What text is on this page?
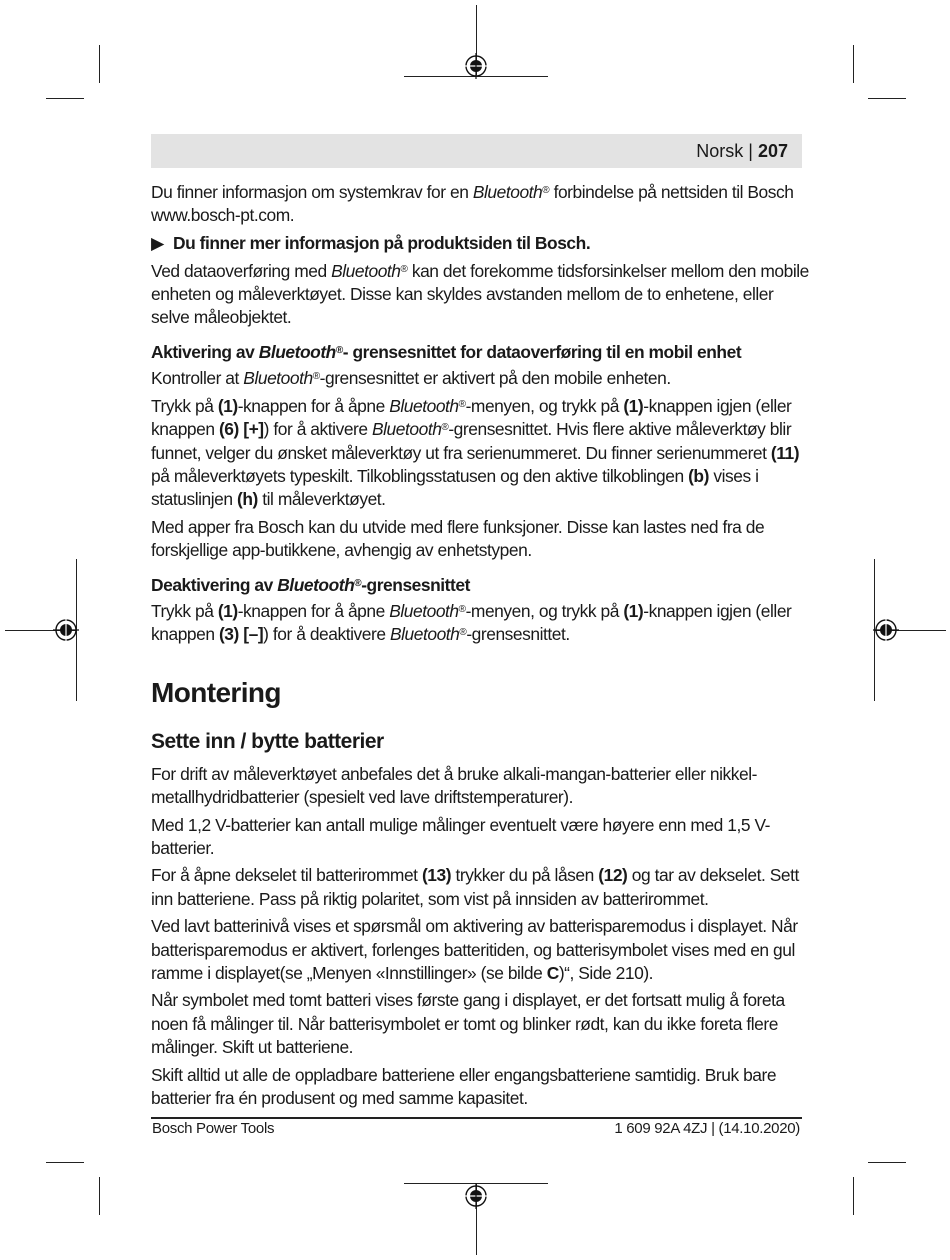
Norsk | 207

Du finner informasjon om systemkrav for en Bluetooth® forbindelse på nettsiden til Bosch www.bosch-pt.com.

▶ Du finner mer informasjon på produktsiden til Bosch.

Ved dataoverføring med Bluetooth® kan det forekomme tidsforsinkelser mellom den mobile enheten og måleverktøyet. Disse kan skyldes avstanden mellom de to enhetene, eller selve måleobjektet.

Aktivering av Bluetooth®- grensesnittet for dataoverføring til en mobil enhet

Kontroller at Bluetooth®-grensesnittet er aktivert på den mobile enheten.

Trykk på (1)-knappen for å åpne Bluetooth®-menyen, og trykk på (1)-knappen igjen (eller knappen (6) [+]) for å aktivere Bluetooth®-grensesnittet. Hvis flere aktive måleverktøy blir funnet, velger du ønsket måleverktøy ut fra serienummeret. Du finner serienummeret (11) på måleverktøyets typeskilt. Tilkoblingsstatusen og den aktive tilkoblingen (b) vises i statuslinjen (h) til måleverktøyet.

Med apper fra Bosch kan du utvide med flere funksjoner. Disse kan lastes ned fra de forskjellige app-butikkene, avhengig av enhetstypen.

Deaktivering av Bluetooth®-grensesnittet

Trykk på (1)-knappen for å åpne Bluetooth®-menyen, og trykk på (1)-knappen igjen (eller knappen (3) [–]) for å deaktivere Bluetooth®-grensesnittet.

Montering
Sette inn / bytte batterier

For drift av måleverktøyet anbefales det å bruke alkali-mangan-batterier eller nikkel-metallhydridbatterier (spesielt ved lave driftstemperaturer).

Med 1,2 V-batterier kan antall mulige målinger eventuelt være høyere enn med 1,5 V-batterier.

For å åpne dekselet til batterirommet (13) trykker du på låsen (12) og tar av dekselet. Sett inn batteriene. Pass på riktig polaritet, som vist på innsiden av batterirommet.

Ved lavt batterinivå vises et spørsmål om aktivering av batterisparemodus i displayet. Når batterisparemodus er aktivert, forlenges batteritiden, og batterisymbolet vises med en gul ramme i displayet(se „Menyen «Innstillinger» (se bilde C)“, Side 210).

Når symbolet med tomt batteri vises første gang i displayet, er det fortsatt mulig å foreta noen få målinger til. Når batterisymbolet er tomt og blinker rødt, kan du ikke foreta flere målinger. Skift ut batteriene.

Skift alltid ut alle de oppladbare batteriene eller engangsbatteriene samtidig. Bruk bare batterier fra én produsent og med samme kapasitet.

Bosch Power Tools	1 609 92A 4ZJ | (14.10.2020)
